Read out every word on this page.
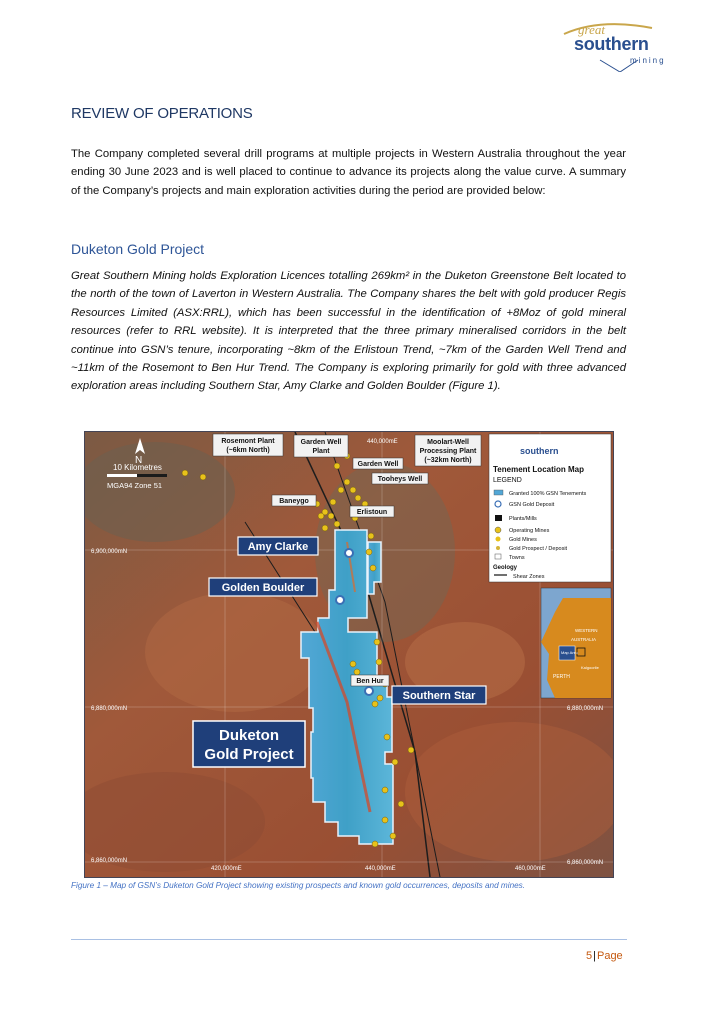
great
southern
mining
REVIEW OF OPERATIONS

The Company completed several drill programs at multiple projects in Western Australia throughout the year ending 30 June 2023 and is well placed to continue to advance its projects along the value curve. A summary of the Company’s projects and main exploration activities during the period are provided below:

Duketon Gold Project

Great Southern Mining holds Exploration Licences totalling 269km² in the Duketon Greenstone Belt located to the north of the town of Laverton in Western Australia. The Company shares the belt with gold producer Regis Resources Limited (ASX:RRL), which has been successful in the identification of +8Moz of gold mineral resources (refer to RRL website). It is interpreted that the three primary mineralised corridors in the belt continue into GSN’s tenure, incorporating ~8km of the Erlistoun Trend, ~7km of the Garden Well Trend and ~11km of the Rosemont to Ben Hur Trend. The Company is exploring primarily for gold with three advanced exploration areas including Southern Star, Amy Clarke and Golden Boulder (Figure 1).

N
10 Kilometres
MGA94 Zone 51
6,900,000mN
6,880,000mN	6,880,000mN
6,860,000mN	6,860,000mN
440,000mE
420,000mE	440,000mE	460,000mE
Rosemont Plant
(~6km North)
Garden Well
Plant
Moolart-Well
Processing Plant
(~32km North)
Garden Well
Tooheys Well
Baneygo
Erlistoun
Amy Clarke
Golden Boulder
Ben Hur
Southern Star
Duketon
Gold Project
southern
Tenement Location Map
LEGEND
Granted 100% GSN Tenements
GSN Gold Deposit
Plants/Mills
Operating Mines
Gold Mines
Gold Prospect / Deposit
Towns
Geology
Shear Zones
WESTERN
AUSTRALIA
Map Area
Kalgoorlie
PERTH
Figure 1 – Map of GSN’s Duketon Gold Project showing existing prospects and known gold occurrences, deposits and mines.
5|Page
